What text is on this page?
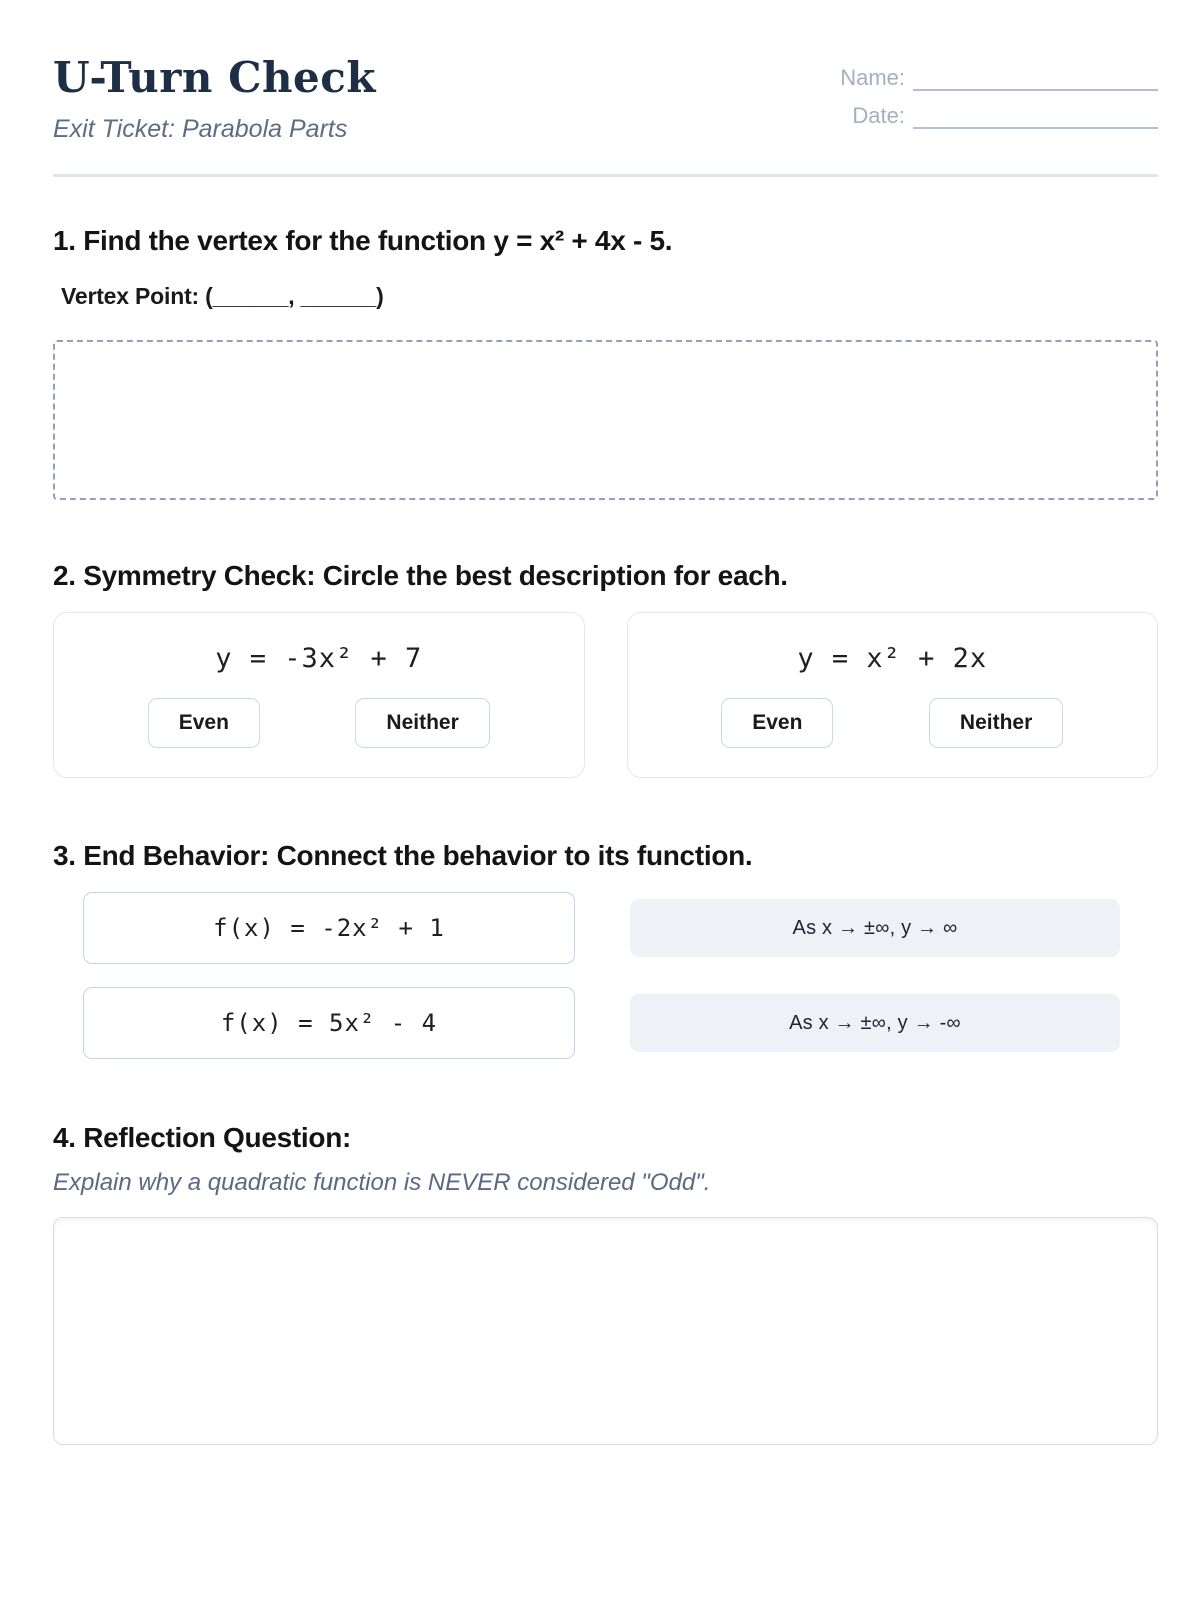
U-Turn Check
Exit Ticket: Parabola Parts
Name:
Date:
1. Find the vertex for the function y = x² + 4x - 5.
Vertex Point: (______, ______)
2. Symmetry Check: Circle the best description for each.
y = -3x² + 7
Even	Neither
y = x² + 2x
Even	Neither
3. End Behavior: Connect the behavior to its function.
f(x) = -2x² + 1	As x → ±∞, y → ∞
f(x) = 5x² - 4	As x → ±∞, y → -∞
4. Reflection Question:
Explain why a quadratic function is NEVER considered "Odd".
